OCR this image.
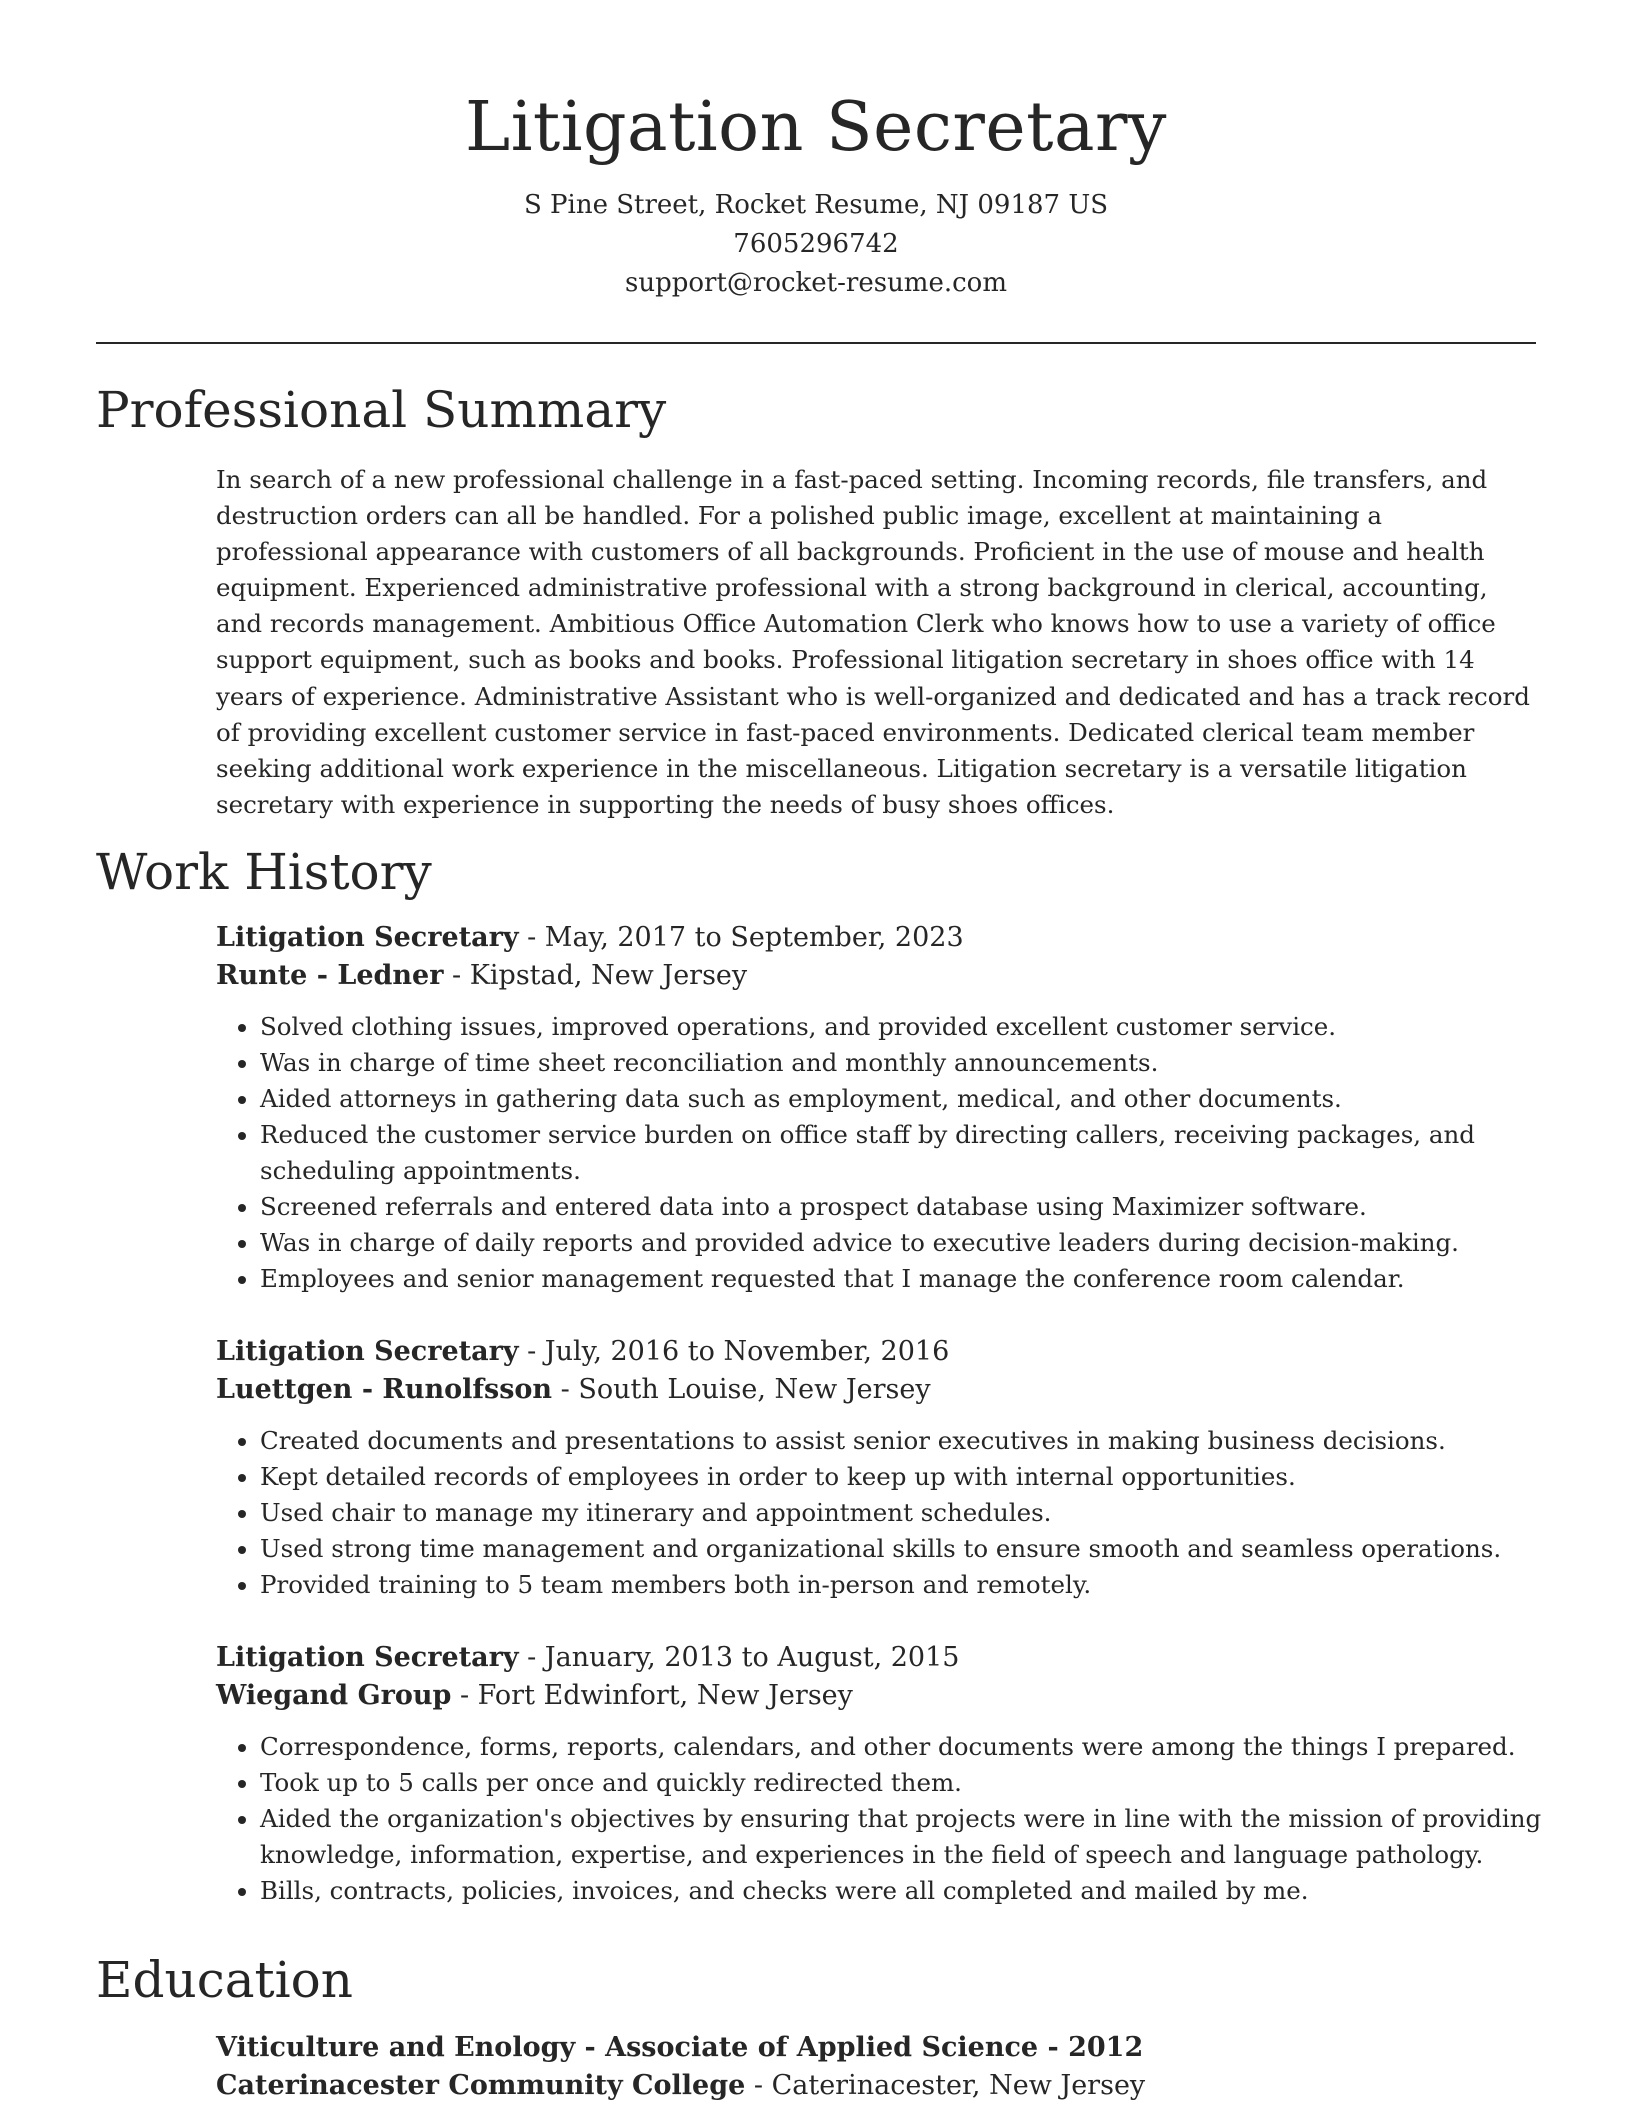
Litigation Secretary

S Pine Street, Rocket Resume, NJ 09187 US

7605296742

support@rocket-resume.com

Professional Summary

In search of a new professional challenge in a fast-paced setting. Incoming records, file transfers, and destruction orders can all be handled. For a polished public image, excellent at maintaining a professional appearance with customers of all backgrounds. Proficient in the use of mouse and health equipment. Experienced administrative professional with a strong background in clerical, accounting, and records management. Ambitious Office Automation Clerk who knows how to use a variety of office support equipment, such as books and books. Professional litigation secretary in shoes office with 14 years of experience. Administrative Assistant who is well-organized and dedicated and has a track record of providing excellent customer service in fast-paced environments. Dedicated clerical team member seeking additional work experience in the miscellaneous. Litigation secretary is a versatile litigation secretary with experience in supporting the needs of busy shoes offices.

Work History

Litigation Secretary - May, 2017 to September, 2023

Runte - Ledner - Kipstad, New Jersey

• Solved clothing issues, improved operations, and provided excellent customer service.
• Was in charge of time sheet reconciliation and monthly announcements.
• Aided attorneys in gathering data such as employment, medical, and other documents.
• Reduced the customer service burden on office staff by directing callers, receiving packages, and scheduling appointments.
• Screened referrals and entered data into a prospect database using Maximizer software.
• Was in charge of daily reports and provided advice to executive leaders during decision-making.
• Employees and senior management requested that I manage the conference room calendar.

Litigation Secretary - July, 2016 to November, 2016

Luettgen - Runolfsson - South Louise, New Jersey

• Created documents and presentations to assist senior executives in making business decisions.
• Kept detailed records of employees in order to keep up with internal opportunities.
• Used chair to manage my itinerary and appointment schedules.
• Used strong time management and organizational skills to ensure smooth and seamless operations.
• Provided training to 5 team members both in-person and remotely.

Litigation Secretary - January, 2013 to August, 2015

Wiegand Group - Fort Edwinfort, New Jersey

• Correspondence, forms, reports, calendars, and other documents were among the things I prepared.
• Took up to 5 calls per once and quickly redirected them.
• Aided the organization's objectives by ensuring that projects were in line with the mission of providing knowledge, information, expertise, and experiences in the field of speech and language pathology.
• Bills, contracts, policies, invoices, and checks were all completed and mailed by me.
Education

Viticulture and Enology - Associate of Applied Science - 2012

Caterinacester Community College - Caterinacester, New Jersey
